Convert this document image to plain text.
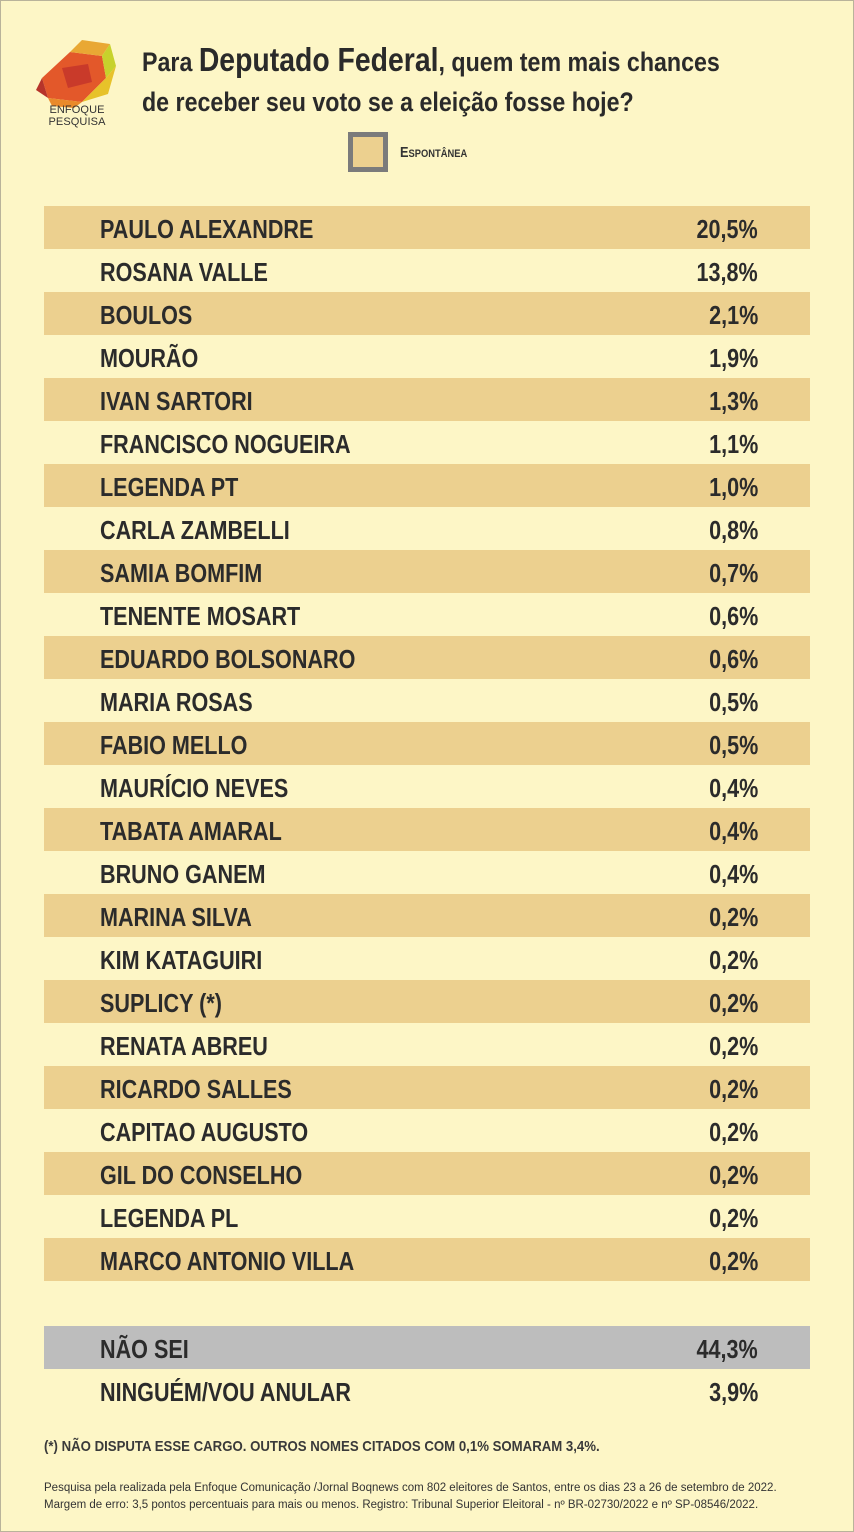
ENFOQUE PESQUISA
Para Deputado Federal, quem tem mais chances
de receber seu voto se a eleição fosse hoje?
Espontânea
PAULO ALEXANDRE	20,5%
ROSANA VALLE	13,8%
BOULOS	2,1%
MOURÃO	1,9%
IVAN SARTORI	1,3%
FRANCISCO NOGUEIRA	1,1%
LEGENDA PT	1,0%
CARLA ZAMBELLI	0,8%
SAMIA BOMFIM	0,7%
TENENTE MOSART	0,6%
EDUARDO BOLSONARO	0,6%
MARIA ROSAS	0,5%
FABIO MELLO	0,5%
MAURÍCIO NEVES	0,4%
TABATA AMARAL	0,4%
BRUNO GANEM	0,4%
MARINA SILVA	0,2%
KIM KATAGUIRI	0,2%
SUPLICY (*)	0,2%
RENATA ABREU	0,2%
RICARDO SALLES	0,2%
CAPITAO AUGUSTO	0,2%
GIL DO CONSELHO	0,2%
LEGENDA PL	0,2%
MARCO ANTONIO VILLA	0,2%
NÃO SEI	44,3%
NINGUÉM/VOU ANULAR	3,9%
(*) NÃO DISPUTA ESSE CARGO. OUTROS NOMES CITADOS COM 0,1% SOMARAM 3,4%.
Pesquisa pela realizada pela Enfoque Comunicação /Jornal Boqnews com 802 eleitores de Santos, entre os dias 23 a 26 de setembro de 2022. Margem de erro: 3,5 pontos percentuais para mais ou menos. Registro: Tribunal Superior Eleitoral - nº BR-02730/2022 e nº SP-08546/2022.
